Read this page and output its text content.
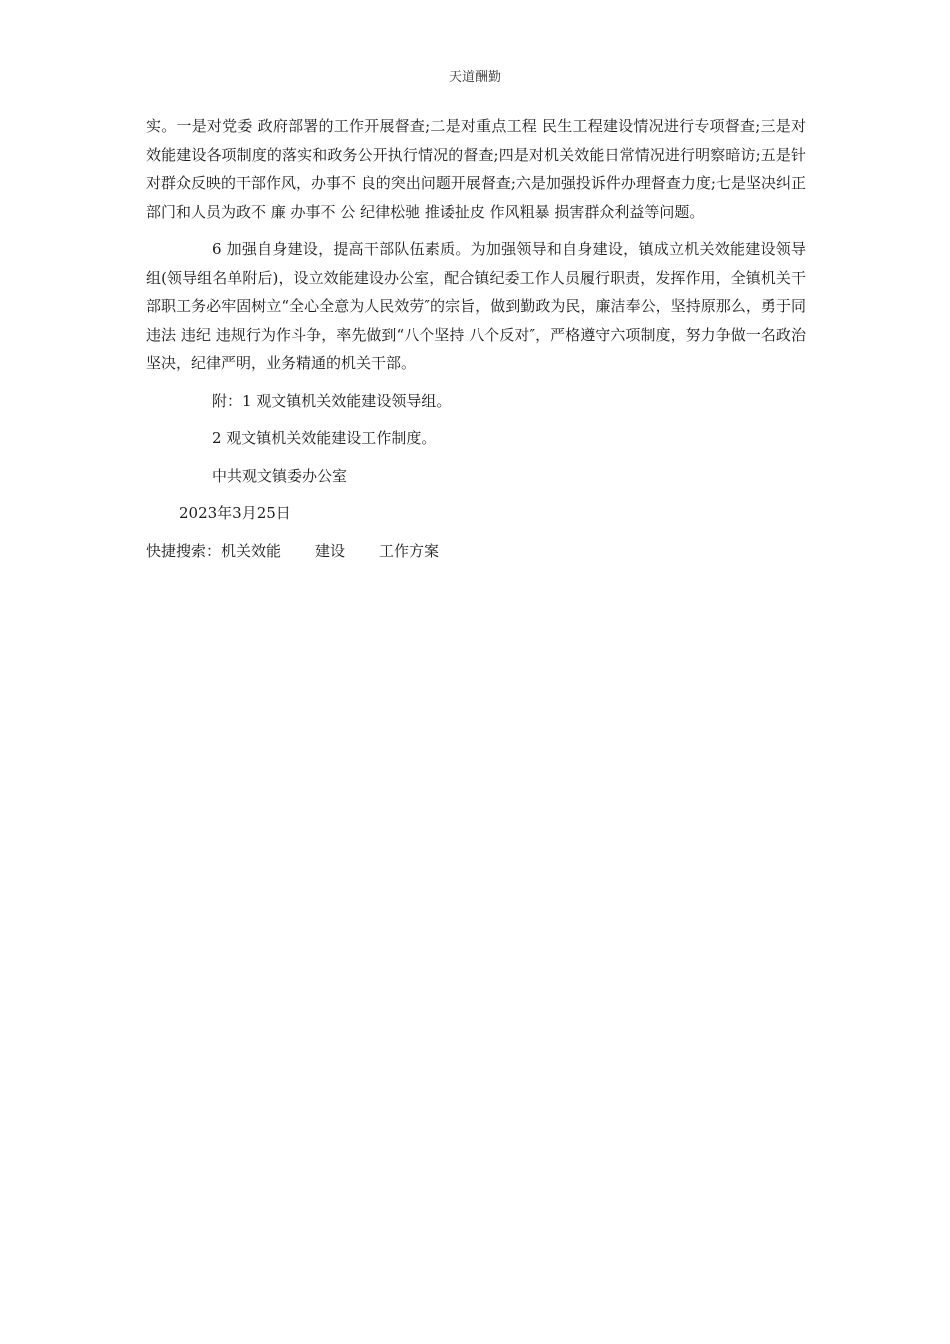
天道酬勤

实。一是对党委 政府部署的工作开展督查;二是对重点工程 民生工程建设情况进行专项督查;三是对效能建设各项制度的落实和政务公开执行情况的督查;四是对机关效能日常情况进行明察暗访;五是针对群众反映的干部作风，办事不 良的突出问题开展督查;六是加强投诉件办理督查力度;七是坚决纠正部门和人员为政不 廉 办事不 公 纪律松驰 推诿扯皮 作风粗暴 损害群众利益等问题。

6 加强自身建设，提高干部队伍素质。为加强领导和自身建设，镇成立机关效能建设领导组(领导组名单附后)，设立效能建设办公室，配合镇纪委工作人员履行职责，发挥作用，全镇机关干部职工务必牢固树立“全心全意为人民效劳″的宗旨，做到勤政为民，廉洁奉公，坚持原那么，勇于同违法 违纪 违规行为作斗争，率先做到“八个坚持 八个反对″，严格遵守六项制度，努力争做一名政治坚决，纪律严明，业务精通的机关干部。

附：1 观文镇机关效能建设领导组。
2 观文镇机关效能建设工作制度。
中共观文镇委办公室
2023年3月25日
快捷搜索：机关效能 建设 工作方案
